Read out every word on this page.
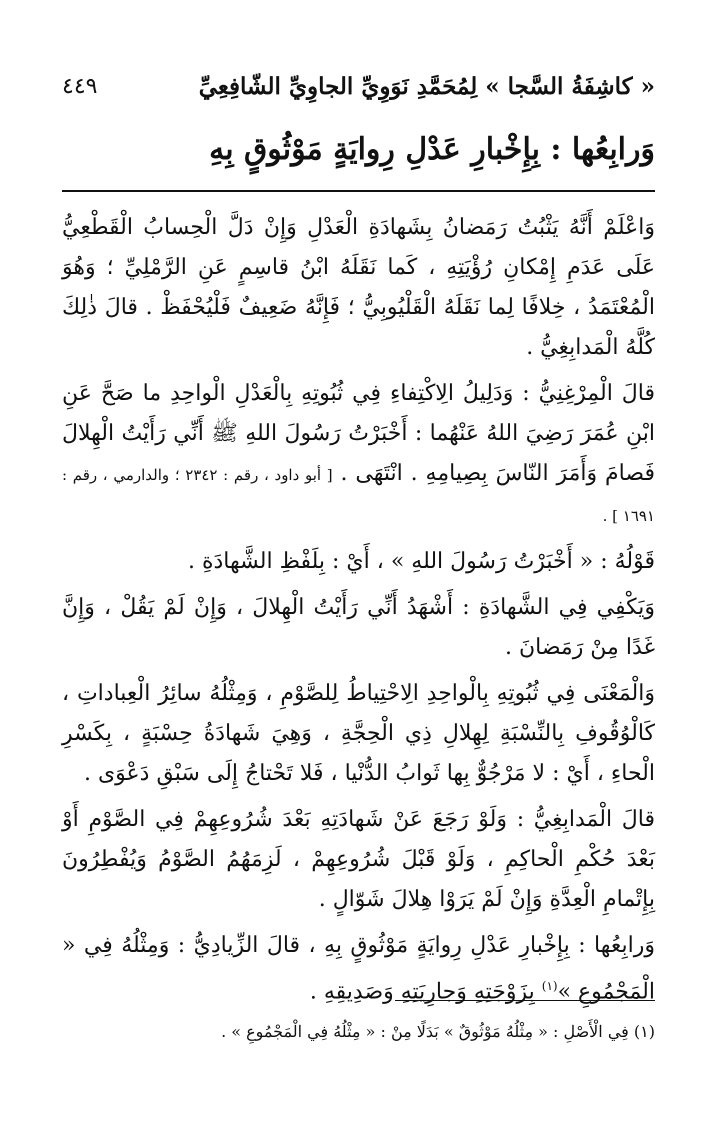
« كاشِفَةُ السَّجا » لِمُحَمَّدِ نَوَوِيِّ الجاوِيِّ الشّافِعِيِّ
٤٤٩
وَرابِعُها : بِإِخْبارِ عَدْلِ رِوايَةٍ مَوْثُوقٍ بِهِ

وَاعْلَمْ أَنَّهُ يَثْبُتُ رَمَضانُ بِشَهادَةِ الْعَدْلِ وَإِنْ دَلَّ الْحِسابُ الْقَطْعِيُّ عَلَى عَدَمِ إِمْكانِ رُؤْيَتِهِ ، كَما نَقَلَهُ ابْنُ قاسِمٍ عَنِ الرَّمْلِيِّ ؛ وَهُوَ الْمُعْتَمَدُ ، خِلافًا لِما نَقَلَهُ الْقَلْيُوبِيُّ ؛ فَإِنَّهُ ضَعِيفٌ فَلْيُحْفَظْ . قالَ ذٰلِكَ كُلَّهُ الْمَدابِغِيُّ .

قالَ الْمِرْغِنِيُّ : وَدَلِيلُ الِاكْتِفاءِ فِي ثُبُوتِهِ بِالْعَدْلِ الْواحِدِ ما صَحَّ عَنِ ابْنِ عُمَرَ رَضِيَ اللهُ عَنْهُما : أَخْبَرْتُ رَسُولَ اللهِ ﷺ أَنِّي رَأَيْتُ الْهِلالَ فَصامَ وَأَمَرَ النّاسَ بِصِيامِهِ . انْتَهَى . [ أبو داود ، رقم : ٢٣٤٢ ؛ والدارمي ، رقم : ١٦٩١ ] .

قَوْلُهُ : « أَخْبَرْتُ رَسُولَ اللهِ » ، أَيْ : بِلَفْظِ الشَّهادَةِ .

وَيَكْفِي فِي الشَّهادَةِ : أَشْهَدُ أَنِّي رَأَيْتُ الْهِلالَ ، وَإِنْ لَمْ يَقُلْ ، وَإِنَّ غَدًا مِنْ رَمَضانَ .

وَالْمَعْنَى فِي ثُبُوتِهِ بِالْواحِدِ الِاحْتِياطُ لِلصَّوْمِ ، وَمِثْلُهُ سائِرُ الْعِباداتِ ، كَالْوُقُوفِ بِالنِّسْبَةِ لِهِلالِ ذِي الْحِجَّةِ ، وَهِيَ شَهادَةُ حِسْبَةٍ ، بِكَسْرِ الْحاءِ ، أَيْ : لا مَرْجُوٌّ بِها ثَوابُ الدُّنْيا ، فَلا تَحْتاجُ إِلَى سَبْقِ دَعْوَى .

قالَ الْمَدابِغِيُّ : وَلَوْ رَجَعَ عَنْ شَهادَتِهِ بَعْدَ شُرُوعِهِمْ فِي الصَّوْمِ أَوْ بَعْدَ حُكْمِ الْحاكِمِ ، وَلَوْ قَبْلَ شُرُوعِهِمْ ، لَزِمَهُمُ الصَّوْمُ وَيُفْطِرُونَ بِإِتْمامِ الْعِدَّةِ وَإِنْ لَمْ يَرَوْا هِلالَ شَوّالٍ .

وَرابِعُها : بِإِخْبارِ عَدْلِ رِوايَةٍ مَوْثُوقٍ بِهِ ، قالَ الزِّيادِيُّ : وَمِثْلُهُ فِي « الْمَجْمُوعِ »$^{(١)}$ بِزَوْجَتِهِ وَجارِيَتِهِ وَصَدِيقِهِ .

(١) فِي الْأَصْلِ : « مِثْلُهُ مَوْثُوقٌ » بَدَلًا مِنْ : « مِثْلُهُ فِي الْمَجْمُوعِ » .
